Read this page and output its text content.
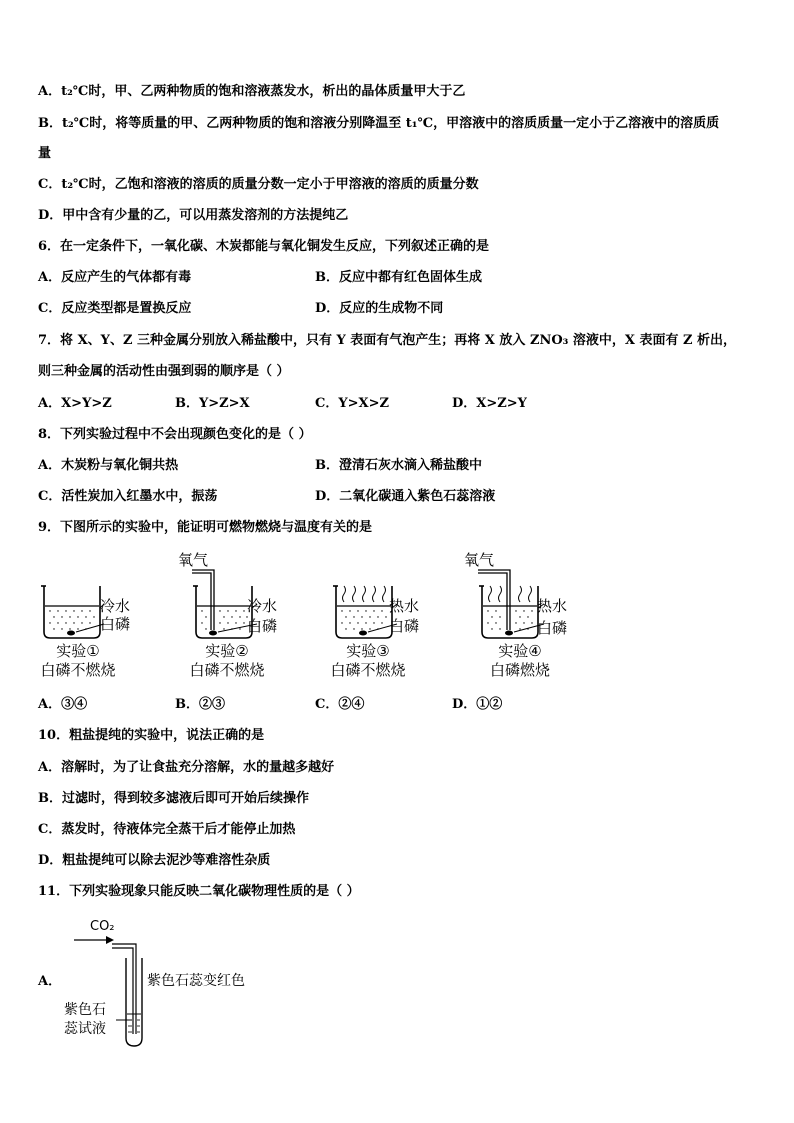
A．t₂℃时，甲、乙两种物质的饱和溶液蒸发水，析出的晶体质量甲大于乙
B．t₂℃时，将等质量的甲、乙两种物质的饱和溶液分别降温至 t₁℃，甲溶液中的溶质质量一定小于乙溶液中的溶质质
量
C．t₂℃时，乙饱和溶液的溶质的质量分数一定小于甲溶液的溶质的质量分数
D．甲中含有少量的乙，可以用蒸发溶剂的方法提纯乙
6．在一定条件下，一氧化碳、木炭都能与氧化铜发生反应，下列叙述正确的是
A．反应产生的气体都有毒	B．反应中都有红色固体生成
C．反应类型都是置换反应	D．反应的生成物不同
7．将 X、Y、Z 三种金属分别放入稀盐酸中，只有 Y 表面有气泡产生；再将 X 放入 ZNO₃ 溶液中，X 表面有 Z 析出，
则三种金属的活动性由强到弱的顺序是（ ）
A．X>Y>Z	B．Y>Z>X	C．Y>X>Z	D．X>Z>Y
8．下列实验过程中不会出现颜色变化的是（ ）
A．木炭粉与氧化铜共热	B．澄清石灰水滴入稀盐酸中
C．活性炭加入红墨水中，振荡	D．二氧化碳通入紫色石蕊溶液
9．下图所示的实验中，能证明可燃物燃烧与温度有关的是
冷水
白磷
实验①
白磷不燃烧
氧气
冷水
白磷
实验②
白磷不燃烧
热水
白磷
实验③
白磷不燃烧
氧气
热水
白磷
实验④
白磷燃烧
A．③④	B．②③	C．②④	D．①②
10．粗盐提纯的实验中，说法正确的是
A．溶解时，为了让食盐充分溶解，水的量越多越好
B．过滤时，得到较多滤液后即可开始后续操作
C．蒸发时，待液体完全蒸干后才能停止加热
D．粗盐提纯可以除去泥沙等难溶性杂质
11．下列实验现象只能反映二氧化碳物理性质的是（ ）
A．
CO₂
紫色石蕊变红色
紫色石
蕊试液
